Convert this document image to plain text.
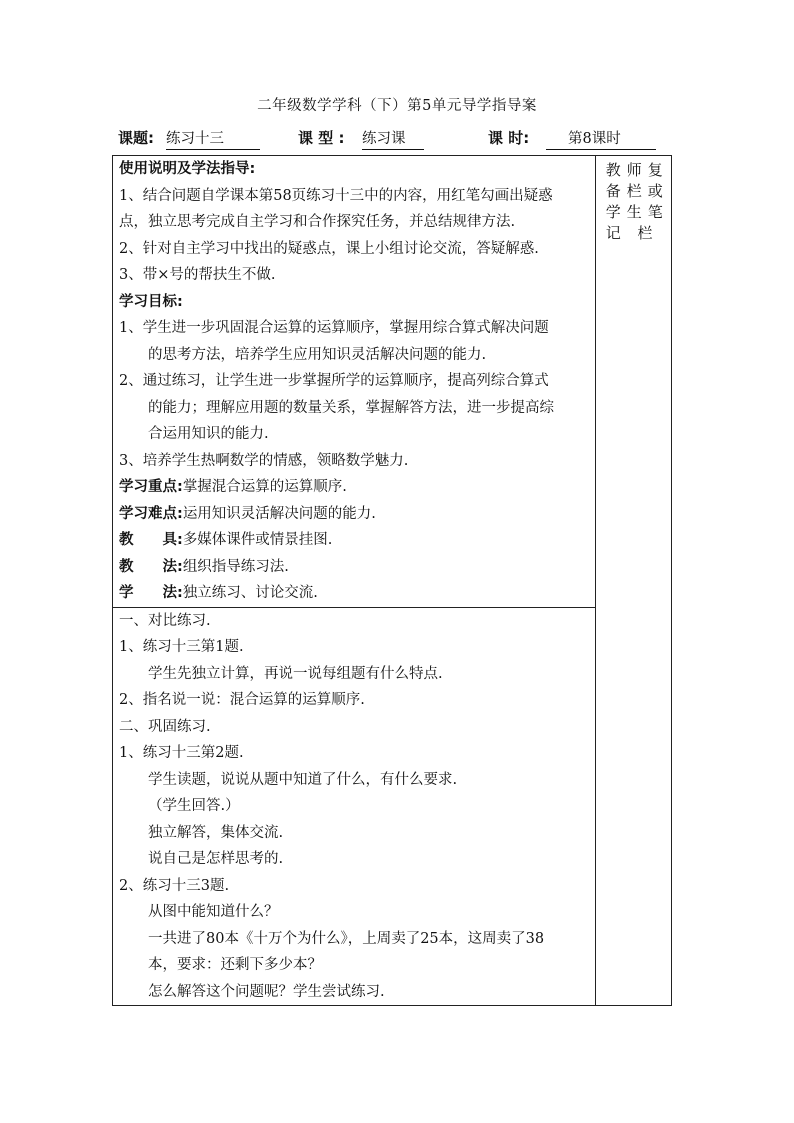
二年级数学学科（下）第5单元导学指导案
课题: 练习十三	课 型 : 练习课	课 时:	第8课时
使用说明及学法指导:
1、结合问题自学课本第58页练习十三中的内容，用红笔勾画出疑惑
点，独立思考完成自主学习和合作探究任务，并总结规律方法.
2、针对自主学习中找出的疑惑点，课上小组讨论交流，答疑解惑.
3、带×号的帮扶生不做.
学习目标:
1、学生进一步巩固混合运算的运算顺序，掌握用综合算式解决问题
的思考方法，培养学生应用知识灵活解决问题的能力.
2、通过练习，让学生进一步掌握所学的运算顺序，提高列综合算式
的能力；理解应用题的数量关系，掌握解答方法，进一步提高综
合运用知识的能力.
3、培养学生热啊数学的情感，领略数学魅力.
学习重点:掌握混合运算的运算顺序.
学习难点:运用知识灵活解决问题的能力.
教　　具:多媒体课件或情景挂图.
教　　法:组织指导练习法.
学　　法:独立练习、讨论交流.

教师复
备栏或
学生笔
记 栏

一、对比练习.
1、练习十三第1题.
学生先独立计算，再说一说每组题有什么特点.
2、指名说一说：混合运算的运算顺序.
二、巩固练习.
1、练习十三第2题.
学生读题，说说从题中知道了什么，有什么要求.
（学生回答.）
独立解答，集体交流.
说自己是怎样思考的.
2、练习十三3题.
从图中能知道什么？
一共进了80本《十万个为什么》，上周卖了25本，这周卖了38
本，要求：还剩下多少本？
怎么解答这个问题呢？学生尝试练习.
